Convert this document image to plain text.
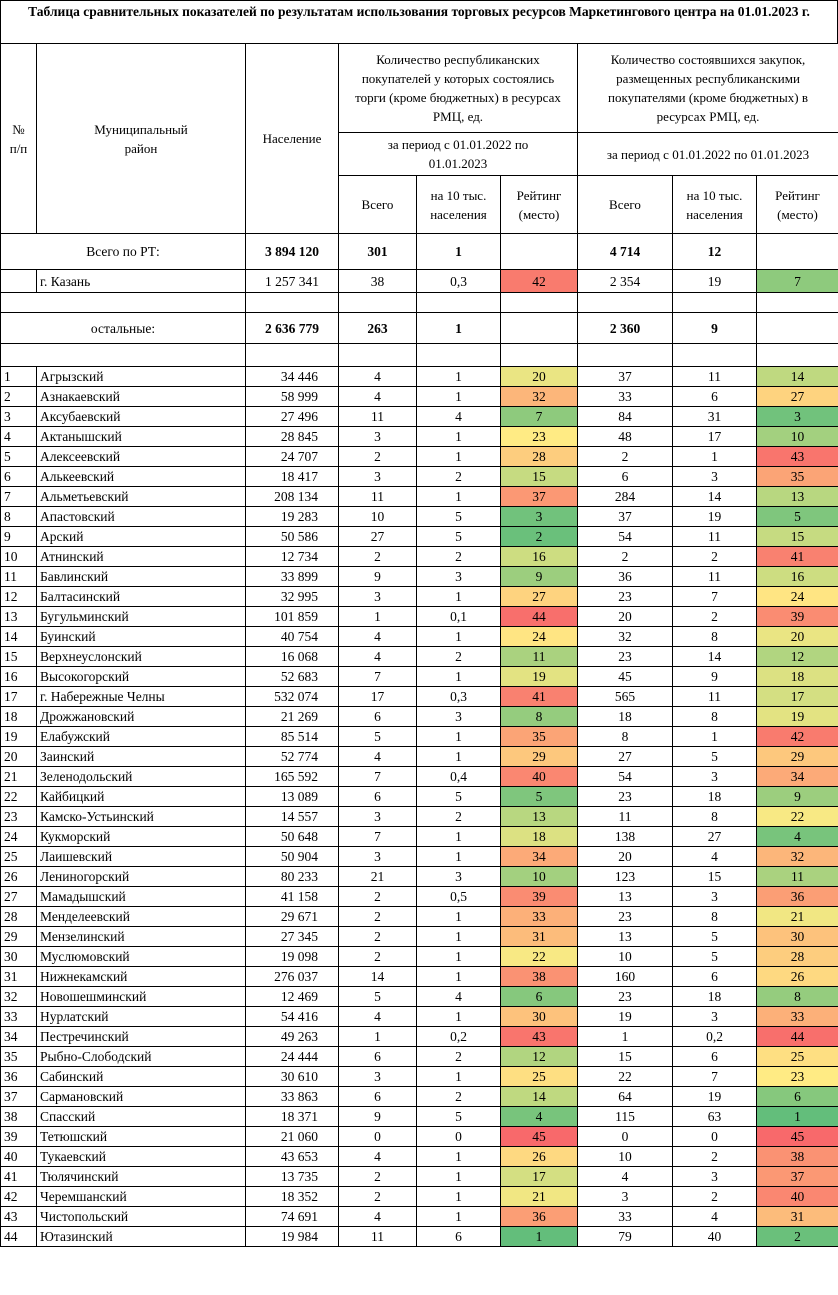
Таблица сравнительных показателей по результатам использования торговых ресурсов Маркетингового центра на 01.01.2023 г.
№ п/п	Муниципальный район	Население	Количество республиканских покупателей у которых состоялись торги (кроме бюджетных) в ресурсах РМЦ, ед.			Количество состоявшихся закупок, размещенных республиканскими покупателями (кроме бюджетных) в ресурсах РМЦ, ед.		
			за период с 01.01.2022 по 01.01.2023			за период с 01.01.2022 по 01.01.2023		
			Всего	на 10 тыс. населения	Рейтинг (место)	Всего	на 10 тыс. населения	Рейтинг (место)
Всего по РТ:		3 894 120	301	1		4 714	12	
	г. Казань	1 257 341	38	0,3	42	2 354	19	7

остальные:		2 636 779	263	1		2 360	9	

1	Агрызский	34 446	4	1	20	37	11	14
2	Азнакаевский	58 999	4	1	32	33	6	27
3	Аксубаевский	27 496	11	4	7	84	31	3
4	Актанышский	28 845	3	1	23	48	17	10
5	Алексеевский	24 707	2	1	28	2	1	43
6	Алькеевский	18 417	3	2	15	6	3	35
7	Альметьевский	208 134	11	1	37	284	14	13
8	Апастовский	19 283	10	5	3	37	19	5
9	Арский	50 586	27	5	2	54	11	15
10	Атнинский	12 734	2	2	16	2	2	41
11	Бавлинский	33 899	9	3	9	36	11	16
12	Балтасинский	32 995	3	1	27	23	7	24
13	Бугульминский	101 859	1	0,1	44	20	2	39
14	Буинский	40 754	4	1	24	32	8	20
15	Верхнеуслонский	16 068	4	2	11	23	14	12
16	Высокогорский	52 683	7	1	19	45	9	18
17	г. Набережные Челны	532 074	17	0,3	41	565	11	17
18	Дрожжановский	21 269	6	3	8	18	8	19
19	Елабужский	85 514	5	1	35	8	1	42
20	Заинский	52 774	4	1	29	27	5	29
21	Зеленодольский	165 592	7	0,4	40	54	3	34
22	Кайбицкий	13 089	6	5	5	23	18	9
23	Камско-Устьинский	14 557	3	2	13	11	8	22
24	Кукморский	50 648	7	1	18	138	27	4
25	Лаишевский	50 904	3	1	34	20	4	32
26	Лениногорский	80 233	21	3	10	123	15	11
27	Мамадышский	41 158	2	0,5	39	13	3	36
28	Менделеевский	29 671	2	1	33	23	8	21
29	Мензелинский	27 345	2	1	31	13	5	30
30	Муслюмовский	19 098	2	1	22	10	5	28
31	Нижнекамский	276 037	14	1	38	160	6	26
32	Новошешминский	12 469	5	4	6	23	18	8
33	Нурлатский	54 416	4	1	30	19	3	33
34	Пестречинский	49 263	1	0,2	43	1	0,2	44
35	Рыбно-Слободский	24 444	6	2	12	15	6	25
36	Сабинский	30 610	3	1	25	22	7	23
37	Сармановский	33 863	6	2	14	64	19	6
38	Спасский	18 371	9	5	4	115	63	1
39	Тетюшский	21 060	0	0	45	0	0	45
40	Тукаевский	43 653	4	1	26	10	2	38
41	Тюлячинский	13 735	2	1	17	4	3	37
42	Черемшанский	18 352	2	1	21	3	2	40
43	Чистопольский	74 691	4	1	36	33	4	31
44	Ютазинский	19 984	11	6	1	79	40	2
